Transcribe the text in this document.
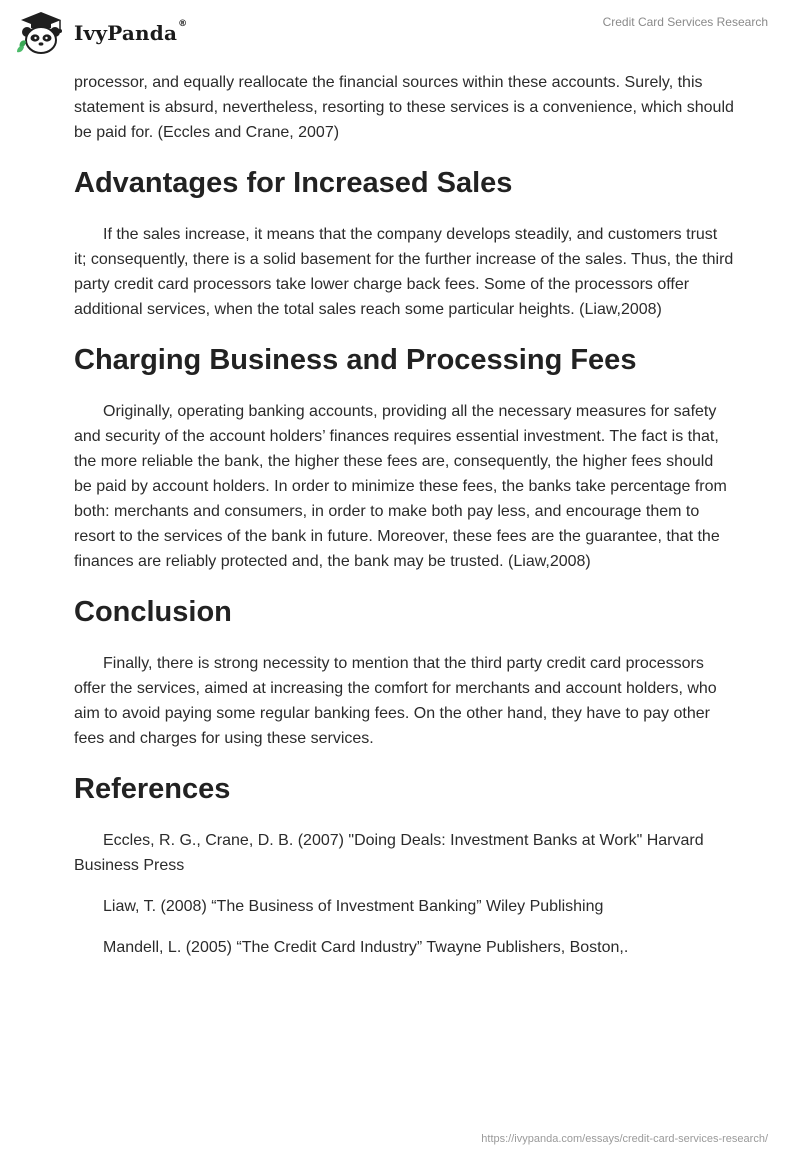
IvyPanda®	Credit Card Services Research

processor, and equally reallocate the financial sources within these accounts. Surely, this statement is absurd, nevertheless, resorting to these services is a convenience, which should be paid for. (Eccles and Crane, 2007)

Advantages for Increased Sales

If the sales increase, it means that the company develops steadily, and customers trust it; consequently, there is a solid basement for the further increase of the sales. Thus, the third party credit card processors take lower charge back fees. Some of the processors offer additional services, when the total sales reach some particular heights. (Liaw,2008)

Charging Business and Processing Fees

Originally, operating banking accounts, providing all the necessary measures for safety and security of the account holders’ finances requires essential investment. The fact is that, the more reliable the bank, the higher these fees are, consequently, the higher fees should be paid by account holders. In order to minimize these fees, the banks take percentage from both: merchants and consumers, in order to make both pay less, and encourage them to resort to the services of the bank in future. Moreover, these fees are the guarantee, that the finances are reliably protected and, the bank may be trusted. (Liaw,2008)

Conclusion

Finally, there is strong necessity to mention that the third party credit card processors offer the services, aimed at increasing the comfort for merchants and account holders, who aim to avoid paying some regular banking fees. On the other hand, they have to pay other fees and charges for using these services.

References

Eccles, R. G., Crane, D. B. (2007) "Doing Deals: Investment Banks at Work" Harvard Business Press

Liaw, T. (2008) “The Business of Investment Banking” Wiley Publishing

Mandell, L. (2005) “The Credit Card Industry” Twayne Publishers, Boston,.

https://ivypanda.com/essays/credit-card-services-research/
